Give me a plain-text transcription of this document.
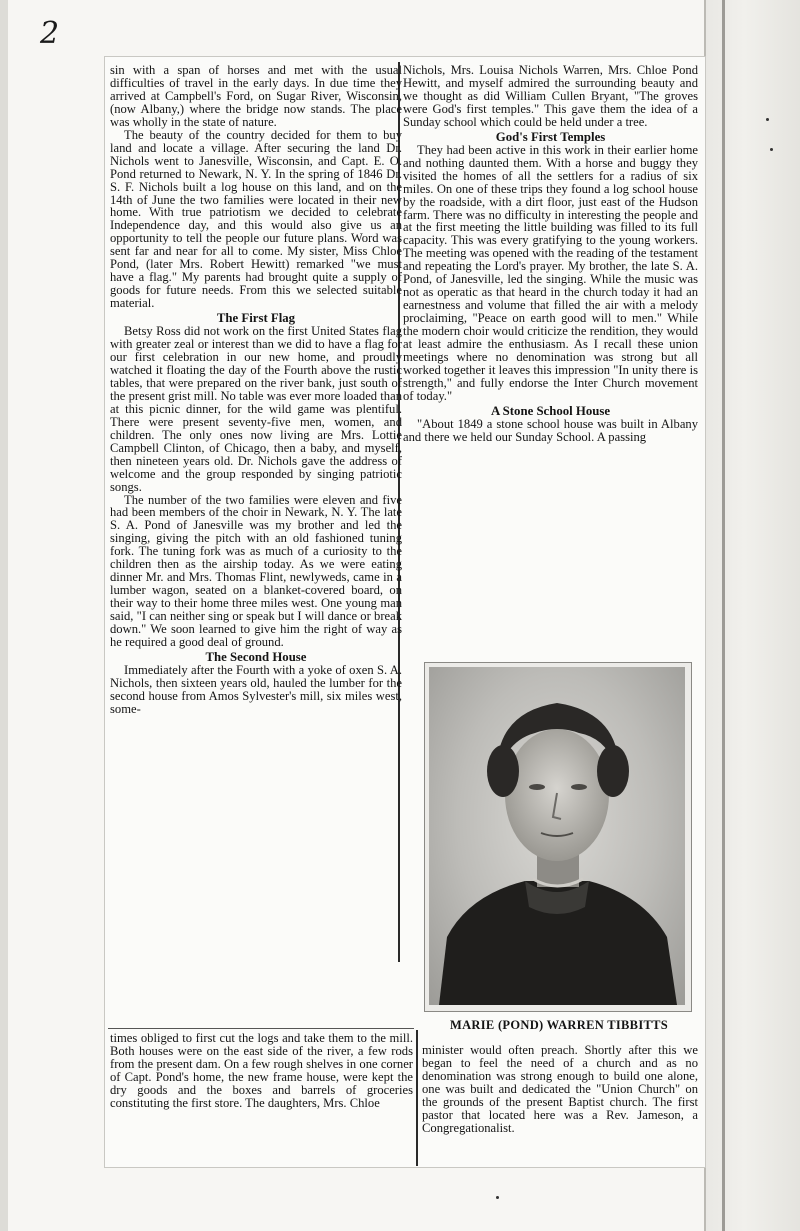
2

sin with a span of horses and met with the usual difficulties of travel in the early days. In due time they arrived at Campbell's Ford, on Sugar River, Wisconsin, (now Albany,) where the bridge now stands. The place was wholly in the state of nature.

The beauty of the country decided for them to buy land and locate a village. After securing the land Dr. Nichols went to Janesville, Wisconsin, and Capt. E. O. Pond returned to Newark, N. Y. In the spring of 1846 Dr. S. F. Nichols built a log house on this land, and on the 14th of June the two families were located in their new home. With true patriotism we decided to celebrate Independence day, and this would also give us an opportunity to tell the people our future plans. Word was sent far and near for all to come. My sister, Miss Chloe Pond, (later Mrs. Robert Hewitt) remarked "we must have a flag." My parents had brought quite a supply of goods for future needs. From this we selected suitable material.

The First Flag

Betsy Ross did not work on the first United States flag with greater zeal or interest than we did to have a flag for our first celebration in our new home, and proudly watched it floating the day of the Fourth above the rustic tables, that were prepared on the river bank, just south of the present grist mill. No table was ever more loaded than at this picnic dinner, for the wild game was plentiful. There were present seventy-five men, women, and children. The only ones now living are Mrs. Lottie Campbell Clinton, of Chicago, then a baby, and myself, then nineteen years old. Dr. Nichols gave the address of welcome and the group responded by singing patriotic songs.

The number of the two families were eleven and five had been members of the choir in Newark, N. Y. The late S. A. Pond of Janesville was my brother and led the singing, giving the pitch with an old fashioned tuning fork. The tuning fork was as much of a curiosity to the children then as the airship today. As we were eating dinner Mr. and Mrs. Thomas Flint, newlyweds, came in a lumber wagon, seated on a blanket-covered board, on their way to their home three miles west. One young man said, "I can neither sing or speak but I will dance or break down." We soon learned to give him the right of way as he required a good deal of ground.

The Second House

Immediately after the Fourth with a yoke of oxen S. A. Nichols, then sixteen years old, hauled the lumber for the second house from Amos Sylvester's mill, six miles west, some-

Nichols, Mrs. Louisa Nichols Warren, Mrs. Chloe Pond Hewitt, and myself admired the surrounding beauty and we thought as did William Cullen Bryant, "The groves were God's first temples." This gave them the idea of a Sunday school which could be held under a tree.

God's First Temples

They had been active in this work in their earlier home and nothing daunted them. With a horse and buggy they visited the homes of all the settlers for a radius of six miles. On one of these trips they found a log school house by the roadside, with a dirt floor, just east of the Hudson farm. There was no difficulty in interesting the people and at the first meeting the little building was filled to its full capacity. This was every gratifying to the young workers. The meeting was opened with the reading of the testament and repeating the Lord's prayer. My brother, the late S. A. Pond, of Janesville, led the singing. While the music was not as operatic as that heard in the church today it had an earnestness and volume that filled the air with a melody proclaiming, "Peace on earth good will to men." While the modern choir would criticize the rendition, they would at least admire the enthusiasm. As I recall these union meetings where no denomination was strong but all worked together it leaves this impression "In unity there is strength," and fully endorse the Inter Church movement of today."

A Stone School House

"About 1849 a stone school house was built in Albany and there we held our Sunday School. A passing

MARIE (POND) WARREN TIBBITTS

times obliged to first cut the logs and take them to the mill. Both houses were on the east side of the river, a few rods from the present dam. On a few rough shelves in one corner of Capt. Pond's home, the new frame house, were kept the dry goods and the boxes and barrels of groceries constituting the first store. The daughters, Mrs. Chloe

minister would often preach. Shortly after this we began to feel the need of a church and as no denomination was strong enough to build one alone, one was built and dedicated the "Union Church" on the grounds of the present Baptist church. The first pastor that located here was a Rev. Jameson, a Congregationalist.
